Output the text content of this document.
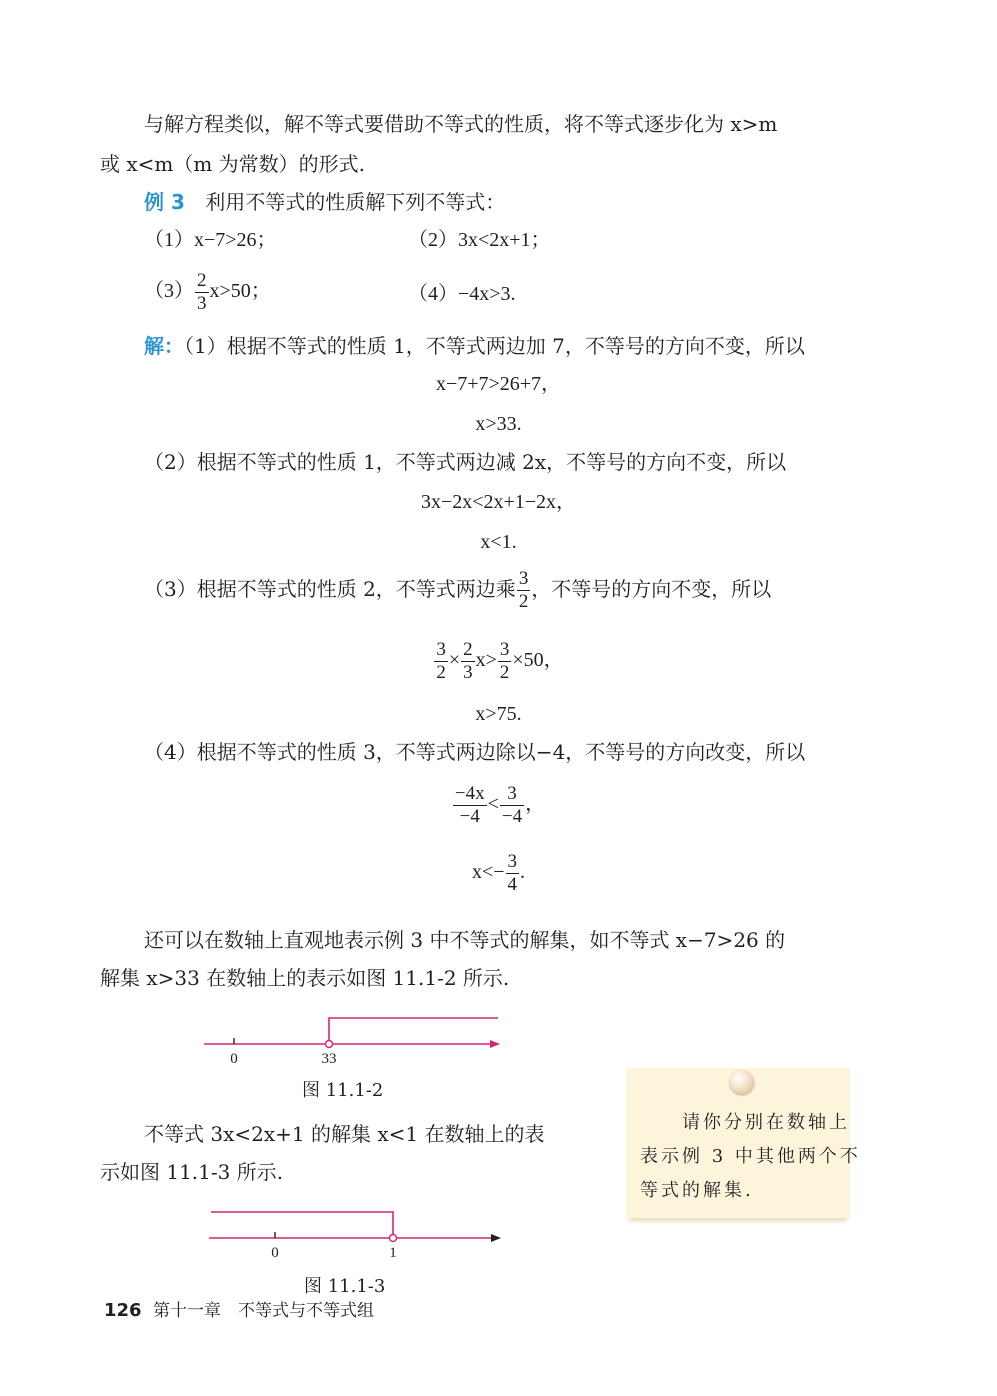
与解方程类似，解不等式要借助不等式的性质，将不等式逐步化为 x>m
或 x<m（m 为常数）的形式.
例 3 利用不等式的性质解下列不等式：
（1）x−7>26；	（2）3x<2x+1；
$(3) \frac{2}{3} x>50$；	（4）−4x>3.
解：（1）根据不等式的性质 1，不等式两边加 7，不等号的方向不变，所以
x−7+7>26+7，
x>33.
（2）根据不等式的性质 1，不等式两边减 2x，不等号的方向不变，所以
3x−2x<2x+1−2x，
x<1.
（3）根据不等式的性质 2，不等式两边乘 $\frac{3}{2}$ ，不等号的方向不变，所以
$\frac{3}{2} \times \frac{2}{3} x> \frac{3}{2} \times 50$，
x>75.
（4）根据不等式的性质 3，不等式两边除以−4，不等号的方向改变，所以
$\frac{-4x}{-4} < \frac{3}{-4}$ ，
$x<- \frac{3}{4}$ .
还可以在数轴上直观地表示例 3 中不等式的解集，如不等式 x−7>26 的
解集 x>33 在数轴上的表示如图 11.1-2 所示.
0	33
图 11.1-2
不等式 3x<2x+1 的解集 x<1 在数轴上的表
示如图 11.1-3 所示.
0	1
图 11.1-3
请你分别在数轴上
表示例 3 中其他两个不
等式的解集.
126 第十一章　不等式与不等式组
